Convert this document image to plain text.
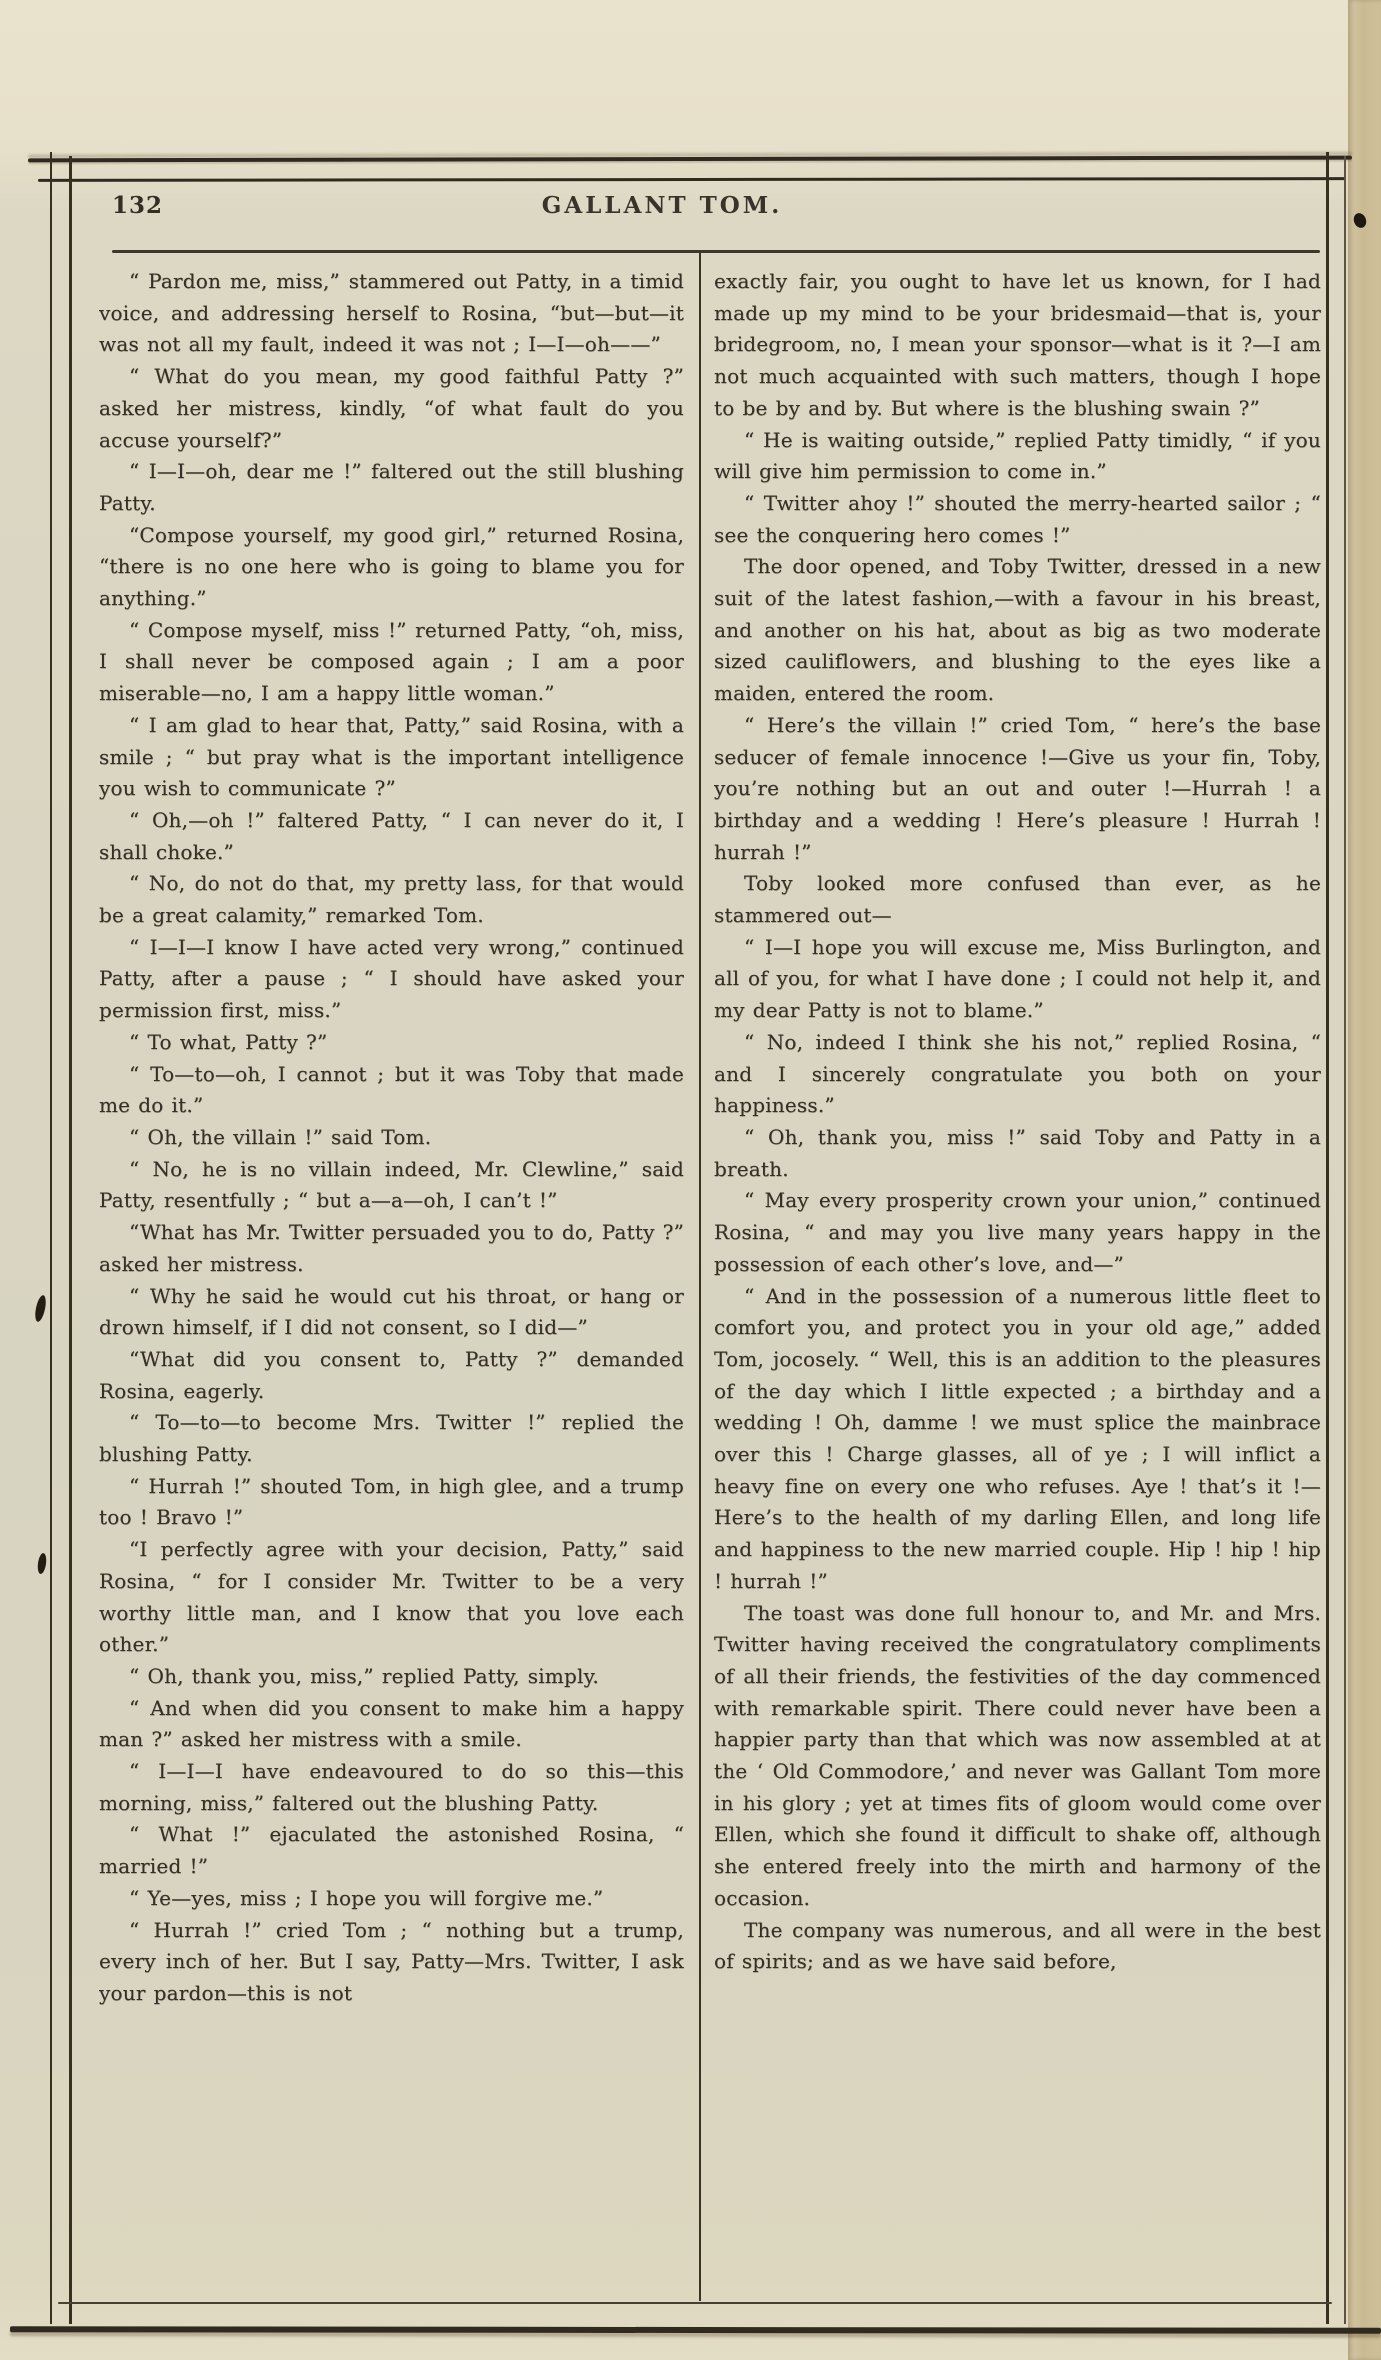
132	GALLANT TOM.

“ Pardon me, miss,” stammered out Patty, in a timid voice, and addressing herself to Rosina, “but—but—it was not all my fault, indeed it was not ; I—I—oh——”

“ What do you mean, my good faithful Patty ?” asked her mistress, kindly, “of what fault do you accuse yourself?”

“ I—I—oh, dear me !” faltered out the still blushing Patty.

“Compose yourself, my good girl,” returned Rosina, “there is no one here who is going to blame you for anything.”

“ Compose myself, miss !” returned Patty, “oh, miss, I shall never be composed again ; I am a poor miserable—no, I am a happy little woman.”

“ I am glad to hear that, Patty,” said Rosina, with a smile ; “ but pray what is the important intelligence you wish to communicate ?”

“ Oh,—oh !” faltered Patty, “ I can never do it, I shall choke.”

“ No, do not do that, my pretty lass, for that would be a great calamity,” remarked Tom.

“ I—I—I know I have acted very wrong,” continued Patty, after a pause ; “ I should have asked your permission first, miss.”

“ To what, Patty ?”

“ To—to—oh, I cannot ; but it was Toby that made me do it.”

“ Oh, the villain !” said Tom.

“ No, he is no villain indeed, Mr. Clewline,” said Patty, resentfully ; “ but a—a—oh, I can’t !”

“What has Mr. Twitter persuaded you to do, Patty ?” asked her mistress.

“ Why he said he would cut his throat, or hang or drown himself, if I did not consent, so I did—”

“What did you consent to, Patty ?” demanded Rosina, eagerly.

“ To—to—to become Mrs. Twitter !” replied the blushing Patty.

“ Hurrah !” shouted Tom, in high glee, and a trump too ! Bravo !”

“I perfectly agree with your decision, Patty,” said Rosina, “ for I consider Mr. Twitter to be a very worthy little man, and I know that you love each other.”

“ Oh, thank you, miss,” replied Patty, simply.

“ And when did you consent to make him a happy man ?” asked her mistress with a smile.

“ I—I—I have endeavoured to do so this—this morning, miss,” faltered out the blushing Patty.

“ What !” ejaculated the astonished Rosina, “ married !”

“ Ye—yes, miss ; I hope you will forgive me.”

“ Hurrah !” cried Tom ; “ nothing but a trump, every inch of her. But I say, Patty—Mrs. Twitter, I ask your pardon—this is not

exactly fair, you ought to have let us known, for I had made up my mind to be your bridesmaid—that is, your bridegroom, no, I mean your sponsor—what is it ?—I am not much acquainted with such matters, though I hope to be by and by. But where is the blushing swain ?”

“ He is waiting outside,” replied Patty timidly, “ if you will give him permission to come in.”

“ Twitter ahoy !” shouted the merry-hearted sailor ; “ see the conquering hero comes !”

The door opened, and Toby Twitter, dressed in a new suit of the latest fashion,—with a favour in his breast, and another on his hat, about as big as two moderate sized cauliflowers, and blushing to the eyes like a maiden, entered the room.

“ Here’s the villain !” cried Tom, “ here’s the base seducer of female innocence !—Give us your fin, Toby, you’re nothing but an out and outer !—Hurrah ! a birthday and a wedding ! Here’s pleasure ! Hurrah ! hurrah !”

Toby looked more confused than ever, as he stammered out—

“ I—I hope you will excuse me, Miss Burlington, and all of you, for what I have done ; I could not help it, and my dear Patty is not to blame.”

“ No, indeed I think she his not,” replied Rosina, “ and I sincerely congratulate you both on your happiness.”

“ Oh, thank you, miss !” said Toby and Patty in a breath.

“ May every prosperity crown your union,” continued Rosina, “ and may you live many years happy in the possession of each other’s love, and—”

“ And in the possession of a numerous little fleet to comfort you, and protect you in your old age,” added Tom, jocosely. “ Well, this is an addition to the pleasures of the day which I little expected ; a birthday and a wedding ! Oh, damme ! we must splice the mainbrace over this ! Charge glasses, all of ye ; I will inflict a heavy fine on every one who refuses. Aye ! that’s it !—Here’s to the health of my darling Ellen, and long life and happiness to the new married couple. Hip ! hip ! hip ! hurrah !”

The toast was done full honour to, and Mr. and Mrs. Twitter having received the congratulatory compliments of all their friends, the festivities of the day commenced with remarkable spirit. There could never have been a happier party than that which was now assembled at at the ‘ Old Commodore,’ and never was Gallant Tom more in his glory ; yet at times fits of gloom would come over Ellen, which she found it difficult to shake off, although she entered freely into the mirth and harmony of the occasion.

The company was numerous, and all were in the best of spirits; and as we have said before,
